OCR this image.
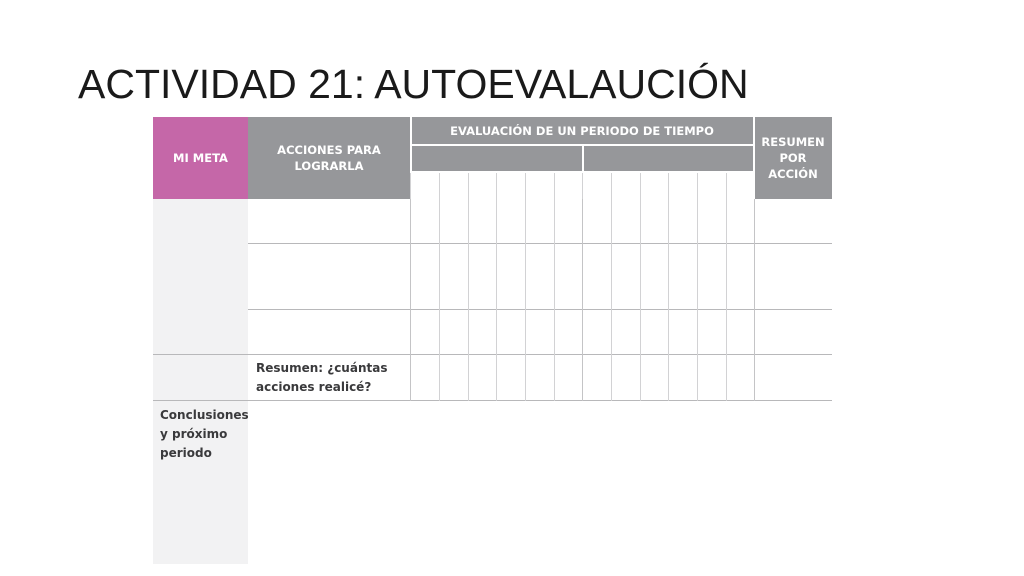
ACTIVIDAD 21: AUTOEVALAUCIÓN
MI META
ACCIONES PARA
LOGRARLA
EVALUACIÓN DE UN PERIODO DE TIEMPO
RESUMEN
POR
ACCIÓN
Conclusiones
y próximo
periodo
Resumen: ¿cuántas
acciones realicé?
